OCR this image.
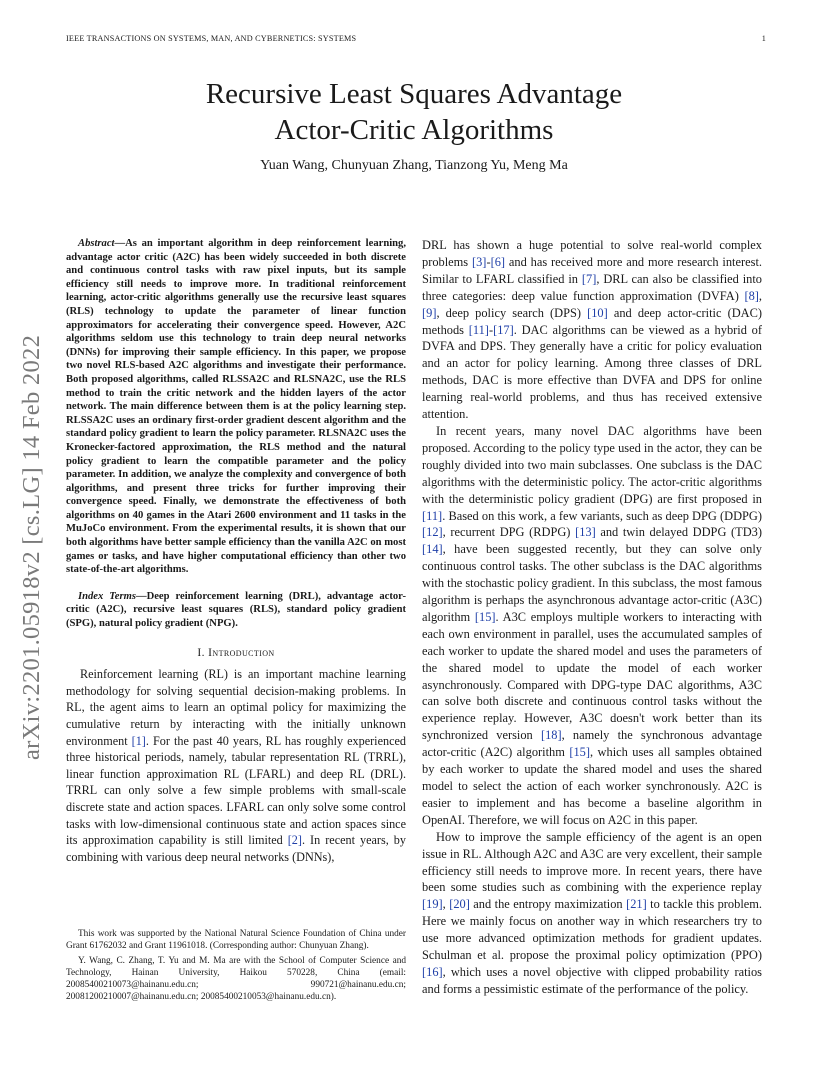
IEEE TRANSACTIONS ON SYSTEMS, MAN, AND CYBERNETICS: SYSTEMS	1
arXiv:2201.05918v2 [cs.LG] 14 Feb 2022
Recursive Least Squares Advantage
Actor-Critic Algorithms
Yuan Wang, Chunyuan Zhang, Tianzong Yu, Meng Ma

Abstract—As an important algorithm in deep reinforcement learning, advantage actor critic (A2C) has been widely succeeded in both discrete and continuous control tasks with raw pixel inputs, but its sample efficiency still needs to improve more. In traditional reinforcement learning, actor-critic algorithms generally use the recursive least squares (RLS) technology to update the parameter of linear function approximators for accelerating their convergence speed. However, A2C algorithms seldom use this technology to train deep neural networks (DNNs) for improving their sample efficiency. In this paper, we propose two novel RLS-based A2C algorithms and investigate their performance. Both proposed algorithms, called RLSSA2C and RLSNA2C, use the RLS method to train the critic network and the hidden layers of the actor network. The main difference between them is at the policy learning step. RLSSA2C uses an ordinary first-order gradient descent algorithm and the standard policy gradient to learn the policy parameter. RLSNA2C uses the Kronecker-factored approximation, the RLS method and the natural policy gradient to learn the compatible parameter and the policy parameter. In addition, we analyze the complexity and convergence of both algorithms, and present three tricks for further improving their convergence speed. Finally, we demonstrate the effectiveness of both algorithms on 40 games in the Atari 2600 environment and 11 tasks in the MuJoCo environment. From the experimental results, it is shown that our both algorithms have better sample efficiency than the vanilla A2C on most games or tasks, and have higher computational efficiency than other two state-of-the-art algorithms.

Index Terms—Deep reinforcement learning (DRL), advantage actor-critic (A2C), recursive least squares (RLS), standard policy gradient (SPG), natural policy gradient (NPG).

I. Introduction

Reinforcement learning (RL) is an important machine learning methodology for solving sequential decision-making problems. In RL, the agent aims to learn an optimal policy for maximizing the cumulative return by interacting with the initially unknown environment [1]. For the past 40 years, RL has roughly experienced three historical periods, namely, tabular representation RL (TRRL), linear function approximation RL (LFARL) and deep RL (DRL). TRRL can only solve a few simple problems with small-scale discrete state and action spaces. LFARL can only solve some control tasks with low-dimensional continuous state and action spaces since its approximation capability is still limited [2]. In recent years, by combining with various deep neural networks (DNNs),

This work was supported by the National Natural Science Foundation of China under Grant 61762032 and Grant 11961018. (Corresponding author: Chunyuan Zhang).

Y. Wang, C. Zhang, T. Yu and M. Ma are with the School of Computer Science and Technology, Hainan University, Haikou 570228, China (email: 20085400210073@hainanu.edu.cn; 990721@hainanu.edu.cn; 20081200210007@hainanu.edu.cn; 20085400210053@hainanu.edu.cn).

DRL has shown a huge potential to solve real-world complex problems [3]-[6] and has received more and more research interest. Similar to LFARL classified in [7], DRL can also be classified into three categories: deep value function approximation (DVFA) [8], [9], deep policy search (DPS) [10] and deep actor-critic (DAC) methods [11]-[17]. DAC algorithms can be viewed as a hybrid of DVFA and DPS. They generally have a critic for policy evaluation and an actor for policy learning. Among three classes of DRL methods, DAC is more effective than DVFA and DPS for online learning real-world problems, and thus has received extensive attention.

In recent years, many novel DAC algorithms have been proposed. According to the policy type used in the actor, they can be roughly divided into two main subclasses. One subclass is the DAC algorithms with the deterministic policy. The actor-critic algorithms with the deterministic policy gradient (DPG) are first proposed in [11]. Based on this work, a few variants, such as deep DPG (DDPG) [12], recurrent DPG (RDPG) [13] and twin delayed DDPG (TD3) [14], have been suggested recently, but they can solve only continuous control tasks. The other subclass is the DAC algorithms with the stochastic policy gradient. In this subclass, the most famous algorithm is perhaps the asynchronous advantage actor-critic (A3C) algorithm [15]. A3C employs multiple workers to interacting with each own environment in parallel, uses the accumulated samples of each worker to update the shared model and uses the parameters of the shared model to update the model of each worker asynchronously. Compared with DPG-type DAC algorithms, A3C can solve both discrete and continuous control tasks without the experience replay. However, A3C doesn't work better than its synchronized version [18], namely the synchronous advantage actor-critic (A2C) algorithm [15], which uses all samples obtained by each worker to update the shared model and uses the shared model to select the action of each worker synchronously. A2C is easier to implement and has become a baseline algorithm in OpenAI. Therefore, we will focus on A2C in this paper.

How to improve the sample efficiency of the agent is an open issue in RL. Although A2C and A3C are very excellent, their sample efficiency still needs to improve more. In recent years, there have been some studies such as combining with the experience replay [19], [20] and the entropy maximization [21] to tackle this problem. Here we mainly focus on another way in which researchers try to use more advanced optimization methods for gradient updates. Schulman et al. propose the proximal policy optimization (PPO) [16], which uses a novel objective with clipped probability ratios and forms a pessimistic estimate of the performance of the policy.
